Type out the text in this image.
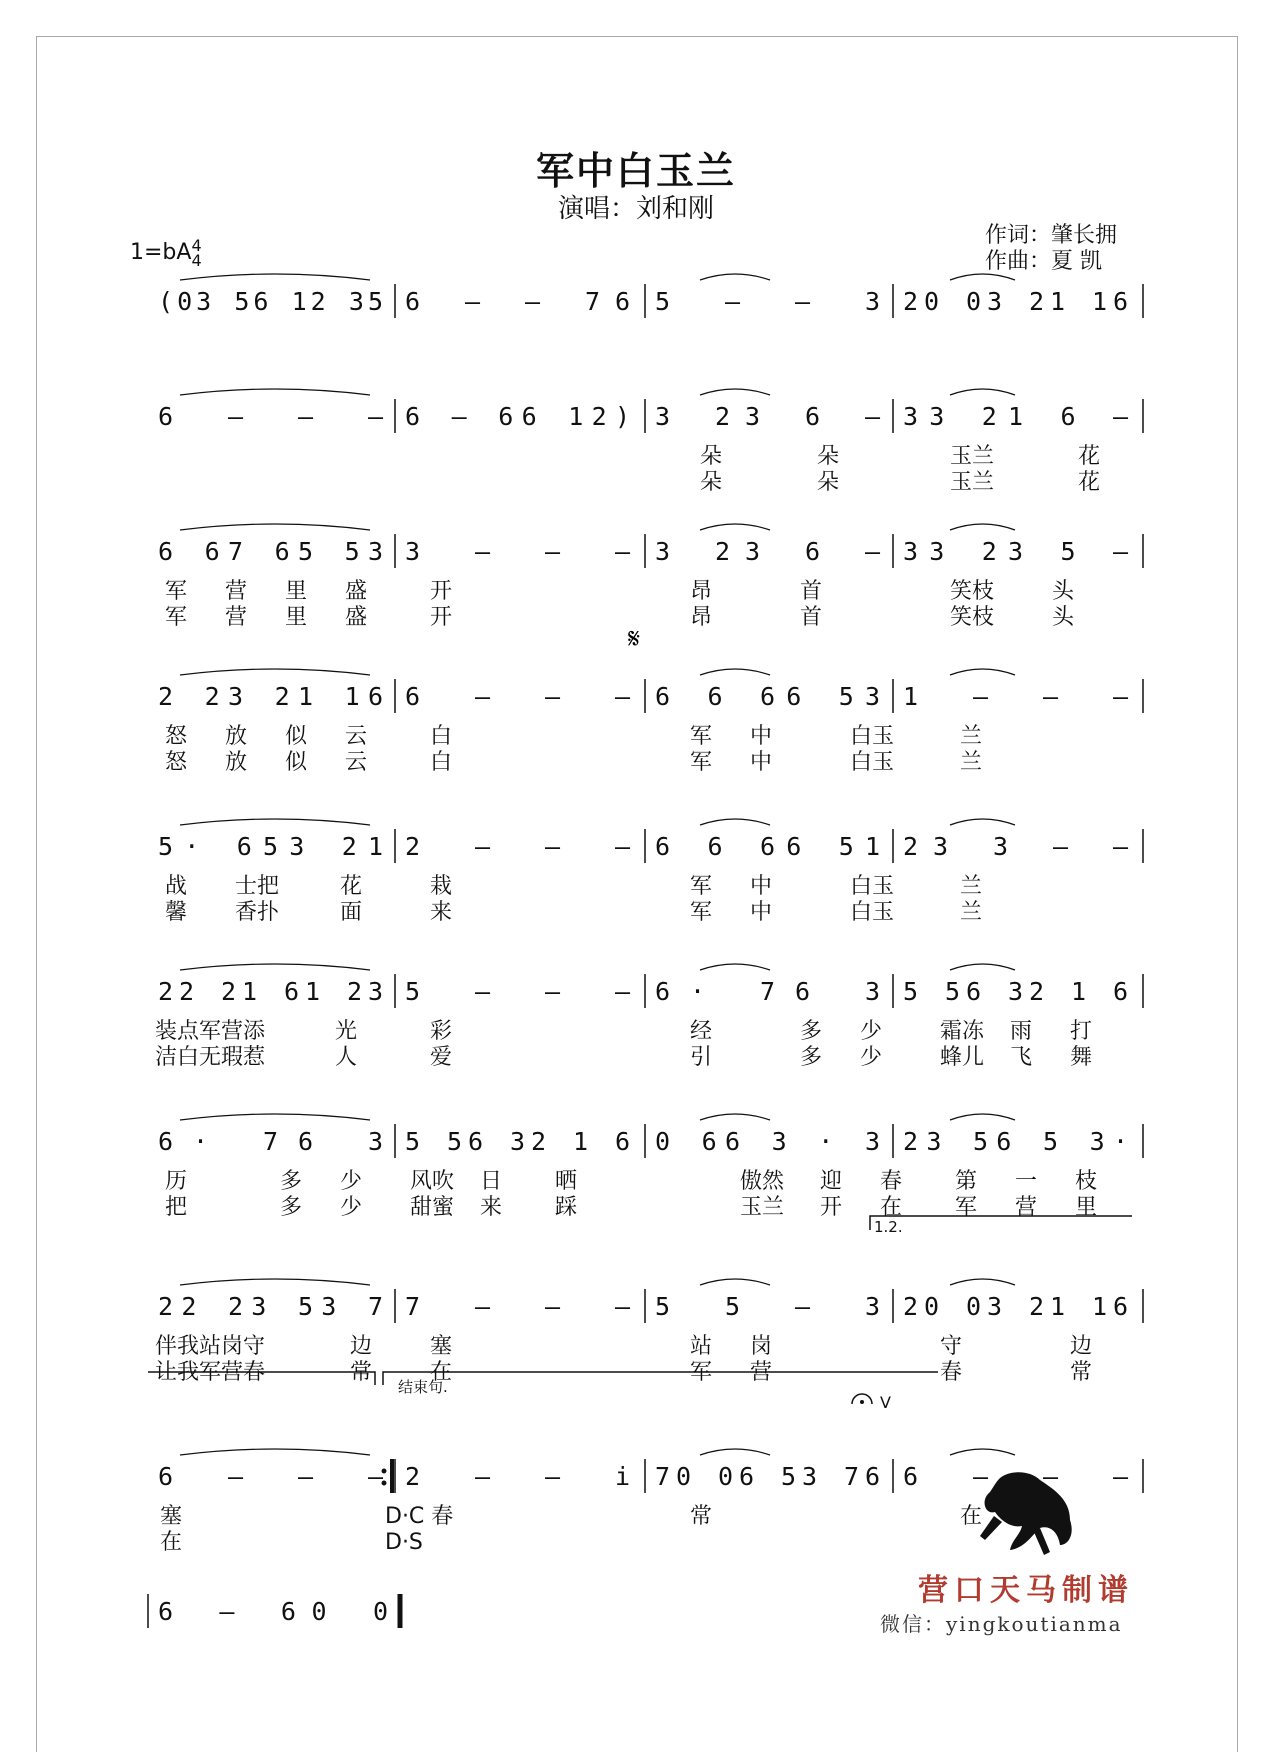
军中白玉兰
演唱：刘和刚
作词：肇长拥
作曲：夏 凯
1=bA4
4
𝄋
1.2.
结束句.
V
(03 56 12 35 6 — — 76 5 — — 3 20 03 21 16
6 — — — 6 — 66 12) 3 23 6 — 33 21 6 —
朵	朵	玉兰	花
朵	朵	玉兰	花
6 67 65 53 3 — — — 3 23 6 — 33 23 5 —
军 营 里 盛	开	昂	首	笑枝	头
军 营 里 盛	开	昂	首	笑枝	头
2 23 21 16 6 — — — 6 6 66 53 1 — — —
怒 放 似 云	白	军 中	白玉	兰
怒 放 似 云	白	军 中	白玉	兰
5· 653 21 2 — — — 6 6 66 51 23 3 — —
战 士把	花	栽	军 中	白玉	兰
馨 香扑	面	来	军 中	白玉	兰
22 21 61 23 5 — — — 6· 76 3 5 56 32 1 6
装点军营添	光	彩	经	多 少	霜冻 雨 打
洁白无瑕惹	人	爱	引	多 少	蜂儿 飞 舞
6· 76 3 5 56 32 1 6 0 66 3 · 3 23 56 5 3·
历	多 少 风吹 日 晒	傲然 迎 春 第 一 枝
把	多 少 甜蜜 来 踩	玉兰 开 在 军 营 里
22 23 53 7 7 — — — 5 5 — 3 20 03 21 16
伴我站岗守	边	塞	站 岗	守	边
让我军营春	常	在	军 营	春	常
6 — — — 2 — — i 70 06 53 76 6 — — —
塞	D·C 春	常	在
在	D·S
6 — 60 0
营口天马制谱
微信：yingkoutianma
